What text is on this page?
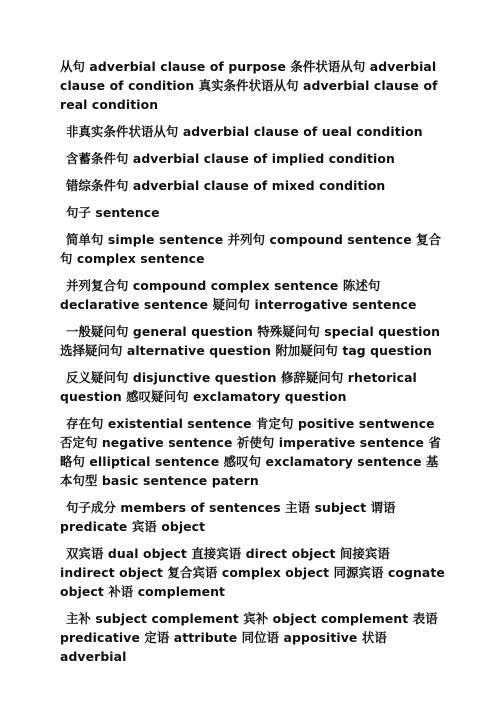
从句 adverbial clause of purpose 条件状语从句 adverbial clause of condition 真实条件状语从句 adverbial clause of real condition

非真实条件状语从句 adverbial clause of ueal condition

含蓄条件句 adverbial clause of implied condition

错综条件句 adverbial clause of mixed condition

句子 sentence

简单句 simple sentence 并列句 compound sentence 复合句 complex sentence

并列复合句 compound complex sentence 陈述句 declarative sentence 疑问句 interrogative sentence

一般疑问句 general question 特殊疑问句 special question 选择疑问句 alternative question 附加疑问句 tag question

反义疑问句 disjunctive question 修辞疑问句 rhetorical question 感叹疑问句 exclamatory question

存在句 existential sentence 肯定句 positive sentwence 否定句 negative sentence 祈使句 imperative sentence 省略句 elliptical sentence 感叹句 exclamatory sentence 基本句型 basic sentence patern

句子成分 members of sentences 主语 subject 谓语 predicate 宾语 object

双宾语 dual object 直接宾语 direct object 间接宾语 indirect object 复合宾语 complex object 同源宾语 cognate object 补语 complement

主补 subject complement 宾补 object complement 表语 predicative 定语 attribute 同位语 appositive 状语 adverbial
